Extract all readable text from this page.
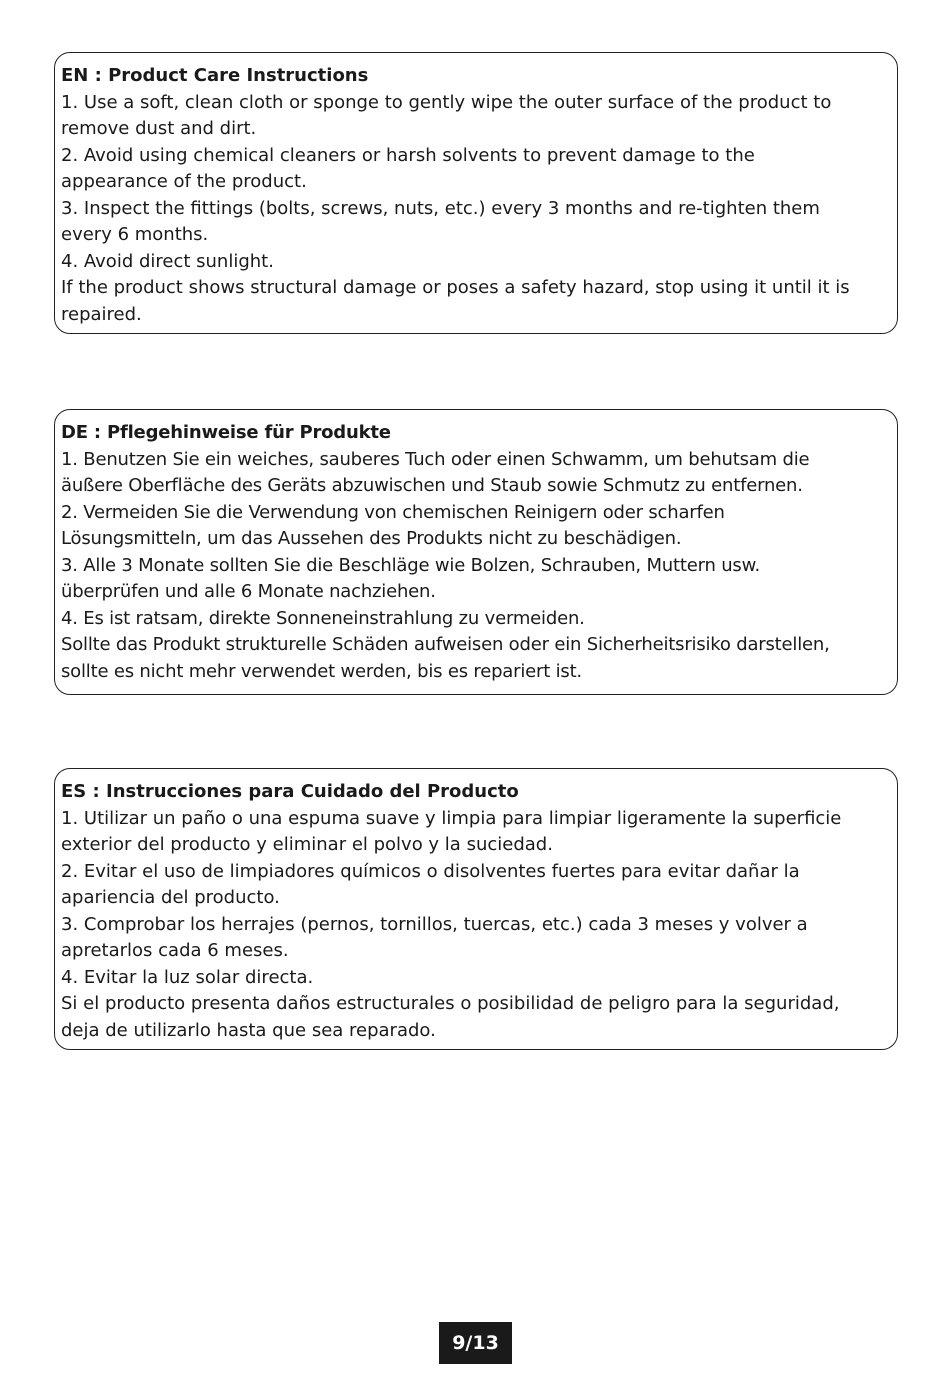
EN : Product Care Instructions
1. Use a soft, clean cloth or sponge to gently wipe the outer surface of the product to
remove dust and dirt.
2. Avoid using chemical cleaners or harsh solvents to prevent damage to the
appearance of the product.
3. Inspect the fittings (bolts, screws, nuts, etc.) every 3 months and re-tighten them
every 6 months.
4. Avoid direct sunlight.
If the product shows structural damage or poses a safety hazard, stop using it until it is
repaired.
DE : Pflegehinweise für Produkte
1. Benutzen Sie ein weiches, sauberes Tuch oder einen Schwamm, um behutsam die
äußere Oberfläche des Geräts abzuwischen und Staub sowie Schmutz zu entfernen.
2. Vermeiden Sie die Verwendung von chemischen Reinigern oder scharfen
Lösungsmitteln, um das Aussehen des Produkts nicht zu beschädigen.
3. Alle 3 Monate sollten Sie die Beschläge wie Bolzen, Schrauben, Muttern usw.
überprüfen und alle 6 Monate nachziehen.
4. Es ist ratsam, direkte Sonneneinstrahlung zu vermeiden.
Sollte das Produkt strukturelle Schäden aufweisen oder ein Sicherheitsrisiko darstellen,
sollte es nicht mehr verwendet werden, bis es repariert ist.
ES : Instrucciones para Cuidado del Producto
1. Utilizar un paño o una espuma suave y limpia para limpiar ligeramente la superficie
exterior del producto y eliminar el polvo y la suciedad.
2. Evitar el uso de limpiadores químicos o disolventes fuertes para evitar dañar la
apariencia del producto.
3. Comprobar los herrajes (pernos, tornillos, tuercas, etc.) cada 3 meses y volver a
apretarlos cada 6 meses.
4. Evitar la luz solar directa.
Si el producto presenta daños estructurales o posibilidad de peligro para la seguridad,
deja de utilizarlo hasta que sea reparado.
9/13
